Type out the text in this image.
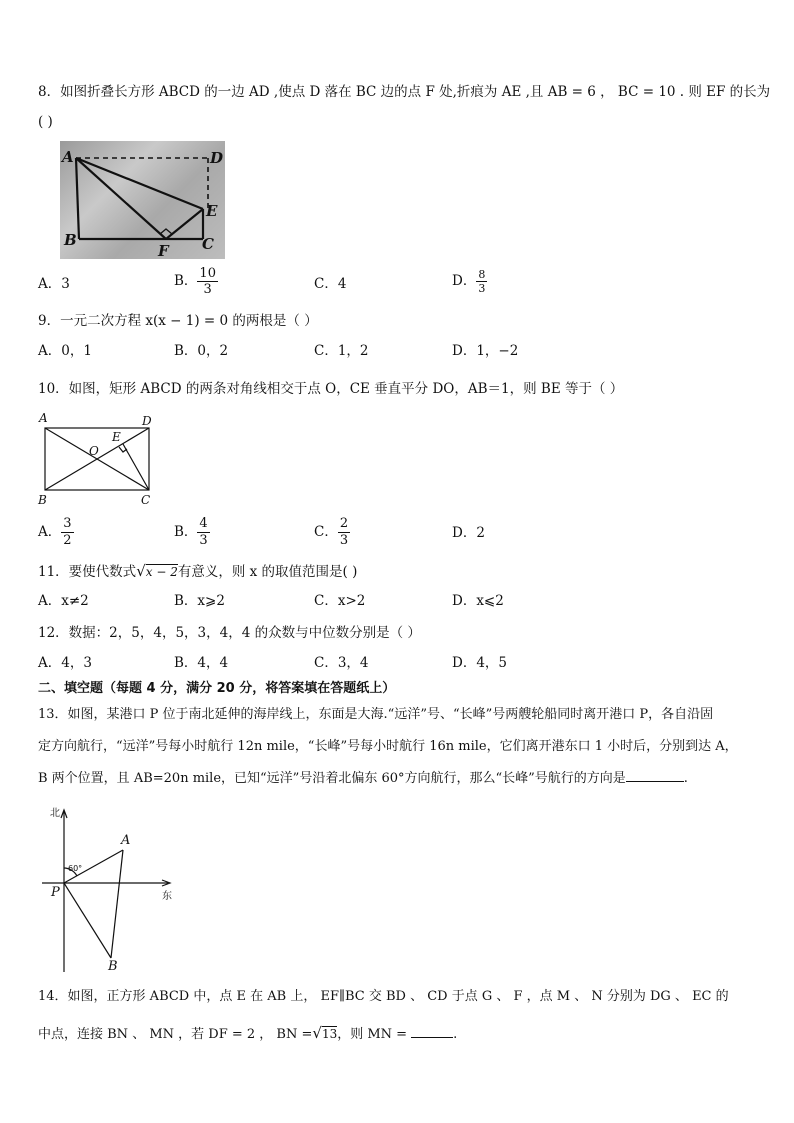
8．如图折叠长方形 ABCD 的一边 AD ,使点 D 落在 BC 边的点 F 处,折痕为 AE ,且 AB = 6 ， BC = 10 . 则 EF 的长为
( )
A	D
E
B	C
F
A．3	B． $\frac{10}{3}$	C．4	D． $\frac{8}{3}$
9．一元二次方程 x(x − 1) = 0 的两根是（ ）
A．0，1	B．0，2	C．1，2	D．1，−2
10．如图，矩形 ABCD 的两条对角线相交于点 O，CE 垂直平分 DO，AB＝1，则 BE 等于（ ）
A	D
E
O
B	C
A． $\frac{3}{2}$	B． $\frac{4}{3}$	C． $\frac{2}{3}$	D．2
11．要使代数式√x − 2有意义，则 x 的取值范围是( )
A．x≠2	B．x⩾2	C．x>2	D．x⩽2
12．数据：2，5，4，5，3，4，4 的众数与中位数分别是（ ）
A．4，3	B．4，4	C．3，4	D．4，5
二、填空题（每题 4 分，满分 20 分，将答案填在答题纸上）
13．如图，某港口 P 位于南北延伸的海岸线上，东面是大海.“远洋”号、“长峰”号两艘轮船同时离开港口 P，各自沿固
定方向航行，“远洋”号每小时航行 12n mile，“长峰”号每小时航行 16n mile，它们离开港东口 1 小时后，分别到达 A，
B 两个位置，且 AB=20n mile，已知“远洋”号沿着北偏东 60°方向航行，那么“长峰”号航行的方向是	.
北
东
60°
P
A
B
14．如图，正方形 ABCD 中，点 E 在 AB 上， EF∥BC 交 BD 、 CD 于点 G 、 F ，点 M 、 N 分别为 DG 、 EC 的
中点，连接 BN 、 MN ，若 DF = 2 ， BN =√13，则 MN =	.
